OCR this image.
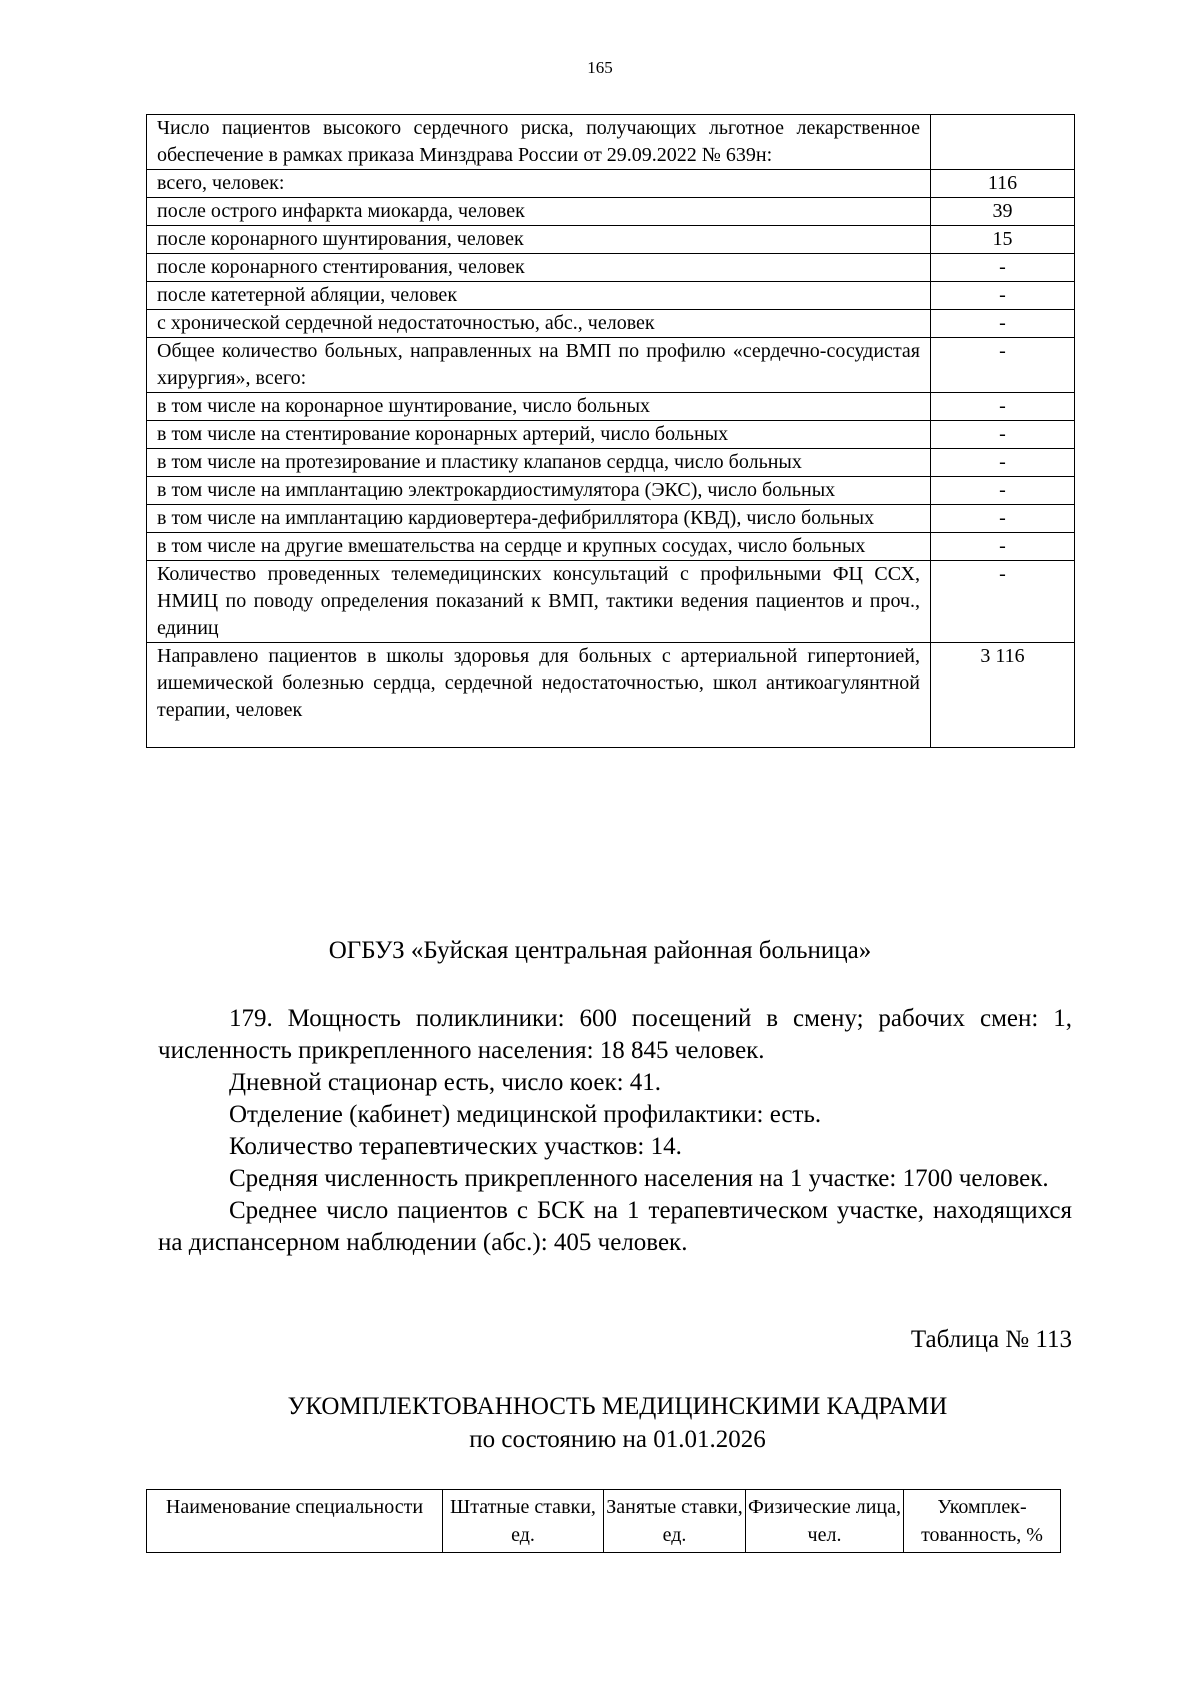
165
Число пациентов высокого сердечного риска, получающих льготное лекарственное обеспечение в рамках приказа Минздрава России от 29.09.2022 № 639н:	
всего, человек:	116
после острого инфаркта миокарда, человек	39
после коронарного шунтирования, человек	15
после коронарного стентирования, человек	-
после катетерной абляции, человек	-
с хронической сердечной недостаточностью, абс., человек	-
Общее количество больных, направленных на ВМП по профилю «сердечно-сосудистая хирургия», всего:	-
в том числе на коронарное шунтирование, число больных	-
в том числе на стентирование коронарных артерий, число больных	-
в том числе на протезирование и пластику клапанов сердца, число больных	-
в том числе на имплантацию электрокардиостимулятора (ЭКС), число больных	-
в том числе на имплантацию кардиовертера-дефибриллятора (КВД), число больных	-
в том числе на другие вмешательства на сердце и крупных сосудах, число больных	-
Количество проведенных телемедицинских консультаций с профильными ФЦ ССХ, НМИЦ по поводу определения показаний к ВМП, тактики ведения пациентов и проч., единиц	-
Направлено пациентов в школы здоровья для больных с артериальной гипертонией, ишемической болезнью сердца, сердечной недостаточностью, школ антикоагулянтной терапии, человек	3 116
ОГБУЗ «Буйская центральная районная больница»

179. Мощность поликлиники: 600 посещений в смену; рабочих смен: 1, численность прикрепленного населения: 18 845 человек.

Дневной стационар есть, число коек: 41.

Отделение (кабинет) медицинской профилактики: есть.

Количество терапевтических участков: 14.

Средняя численность прикрепленного населения на 1 участке: 1700 человек.

Среднее число пациентов с БСК на 1 терапевтическом участке, находящихся на диспансерном наблюдении (абс.): 405 человек.

Таблица № 113
УКОМПЛЕКТОВАННОСТЬ МЕДИЦИНСКИМИ КАДРАМИ
по состоянию на 01.01.2026
Наименование специальности	Штатные ставки, ед.	Занятые ставки, ед.	Физические лица, чел.	Укомплек-тованность, %
